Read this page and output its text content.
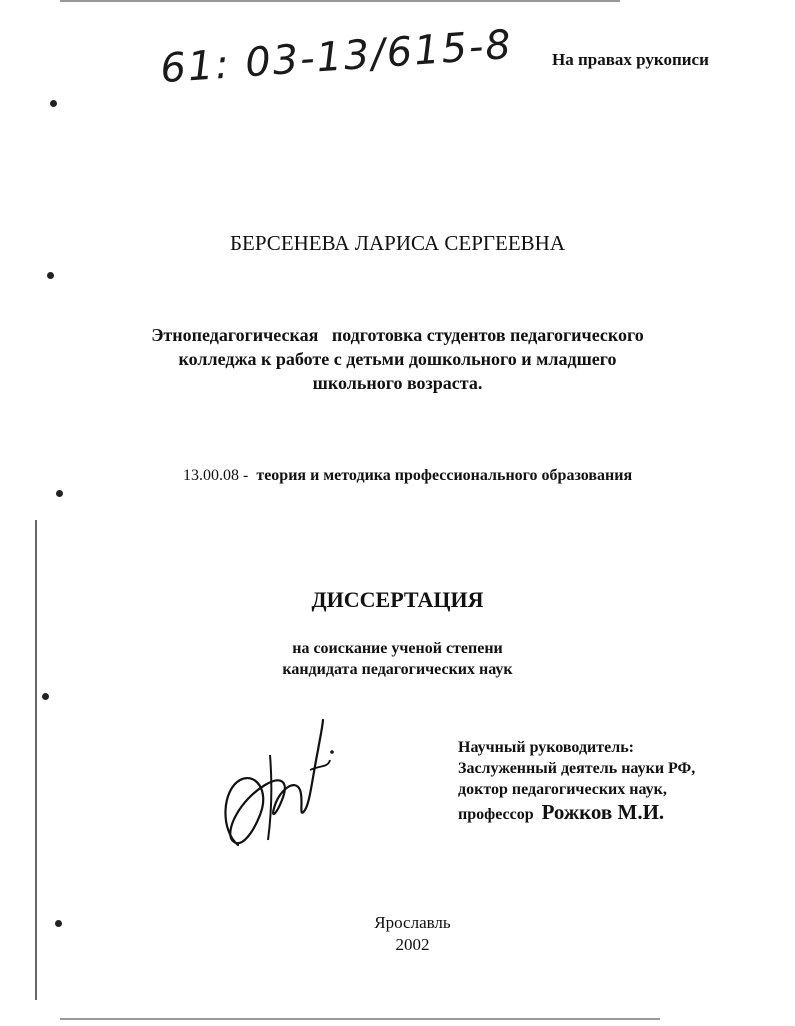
61: 03-13/615-8 На правах рукописи
БЕРСЕНЕВА ЛАРИСА СЕРГЕЕВНА
Этнопедагогическая   подготовка студентов педагогического
колледжа к работе с детьми дошкольного и младшего
школьного возраста.
13.00.08 - теория и методика профессионального образования
ДИССЕРТАЦИЯ
на соискание ученой степени
кандидата педагогических наук
Научный руководитель:
Заслуженный деятель науки РФ,
доктор педагогических наук,
профессор Рожков М.И.
Ярославль
2002
